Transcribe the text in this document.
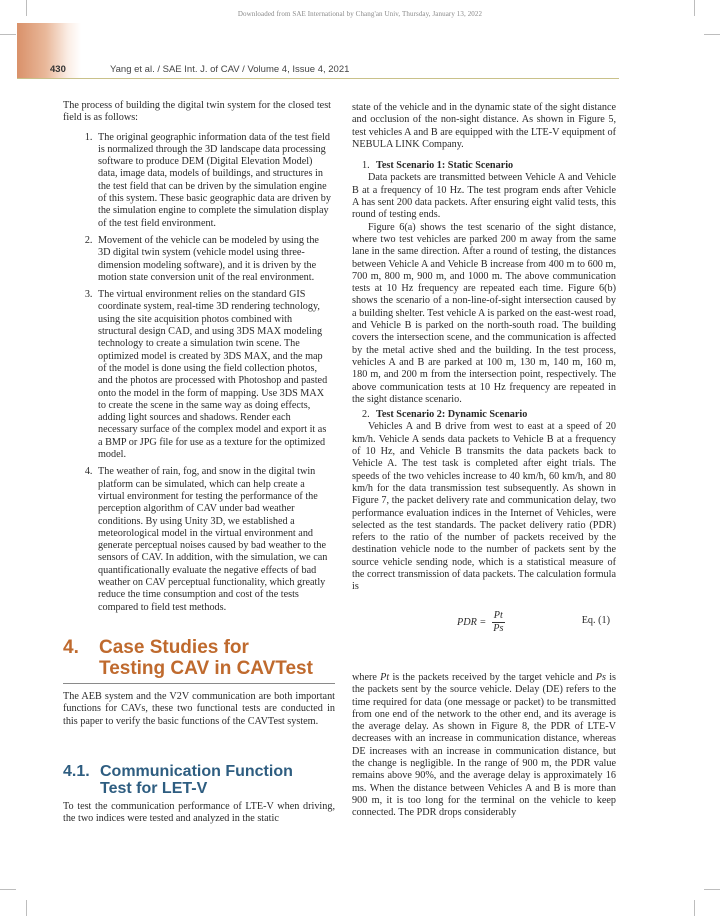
Downloaded from SAE International by Chang'an Univ, Thursday, January 13, 2022
430	Yang et al. / SAE Int. J. of CAV / Volume 4, Issue 4, 2021

The process of building the digital twin system for the closed test field is as follows:

1. The original geographic information data of the test field is normalized through the 3D landscape data processing software to produce DEM (Digital Elevation Model) data, image data, models of buildings, and structures in the test field that can be driven by the simulation engine of this system. These basic geographic data are driven by the simulation engine to complete the simulation display of the test field environment.
2. Movement of the vehicle can be modeled by using the 3D digital twin system (vehicle model using three-dimension modeling software), and it is driven by the motion state conversion unit of the real environment.
3. The virtual environment relies on the standard GIS coordinate system, real-time 3D rendering technology, using the site acquisition photos combined with structural design CAD, and using 3DS MAX modeling technology to create a simulation twin scene. The optimized model is created by 3DS MAX, and the map of the model is done using the field collection photos, and the photos are processed with Photoshop and pasted onto the model in the form of mapping. Use 3DS MAX to create the scene in the same way as doing effects, adding light sources and shadows. Render each necessary surface of the complex model and export it as a BMP or JPG file for use as a texture for the optimized model.
4. The weather of rain, fog, and snow in the digital twin platform can be simulated, which can help create a virtual environment for testing the performance of the perception algorithm of CAV under bad weather conditions. By using Unity 3D, we established a meteorological model in the virtual environment and generate perceptual noises caused by bad weather to the sensors of CAV. In addition, with the simulation, we can quantificationally evaluate the negative effects of bad weather on CAV perceptual functionality, which greatly reduce the time consumption and cost of the tests compared to field test methods.
4. Case Studies for
Testing CAV in CAVTest

The AEB system and the V2V communication are both important functions for CAVs, these two functional tests are conducted in this paper to verify the basic functions of the CAVTest system.

4.1. Communication Function
Test for LET-V

To test the communication performance of LTE-V when driving, the two indices were tested and analyzed in the static

state of the vehicle and in the dynamic state of the sight distance and occlusion of the non-sight distance. As shown in Figure 5, test vehicles A and B are equipped with the LTE-V equipment of NEBULA LINK Company.

1. Test Scenario 1: Static Scenario

Data packets are transmitted between Vehicle A and Vehicle B at a frequency of 10 Hz. The test program ends after Vehicle A has sent 200 data packets. After ensuring eight valid tests, this round of testing ends.

Figure 6(a) shows the test scenario of the sight distance, where two test vehicles are parked 200 m away from the same lane in the same direction. After a round of testing, the distances between Vehicle A and Vehicle B increase from 400 m to 600 m, 700 m, 800 m, 900 m, and 1000 m. The above communication tests at 10 Hz frequency are repeated each time. Figure 6(b) shows the scenario of a non-line-of-sight intersection caused by a building shelter. Test vehicle A is parked on the east-west road, and Vehicle B is parked on the north-south road. The building covers the intersection scene, and the communication is affected by the metal active shed and the building. In the test process, vehicles A and B are parked at 100 m, 130 m, 140 m, 160 m, 180 m, and 200 m from the intersection point, respectively. The above communication tests at 10 Hz frequency are repeated in the sight distance scenario.

2. Test Scenario 2: Dynamic Scenario

Vehicles A and B drive from west to east at a speed of 20 km/h. Vehicle A sends data packets to Vehicle B at a frequency of 10 Hz, and Vehicle B transmits the data packets back to Vehicle A. The test task is completed after eight trials. The speeds of the two vehicles increase to 40 km/h, 60 km/h, and 80 km/h for the data transmission test subsequently. As shown in Figure 7, the packet delivery rate and communication delay, two performance evaluation indices in the Internet of Vehicles, were selected as the test standards. The packet delivery ratio (PDR) refers to the ratio of the number of packets received by the destination vehicle node to the number of packets sent by the source vehicle sending node, which is a statistical measure of the correct transmission of data packets. The calculation formula is

PDR = $\frac{Pt}{Ps}$	Eq. (1)

where Pt is the packets received by the target vehicle and Ps is the packets sent by the source vehicle. Delay (DE) refers to the time required for data (one message or packet) to be transmitted from one end of the network to the other end, and its average is the average delay. As shown in Figure 8, the PDR of LTE-V decreases with an increase in communication distance, whereas DE increases with an increase in communication distance, but the change is negligible. In the range of 900 m, the PDR value remains above 90%, and the average delay is approximately 16 ms. When the distance between Vehicles A and B is more than 900 m, it is too long for the terminal on the vehicle to keep connected. The PDR drops considerably
